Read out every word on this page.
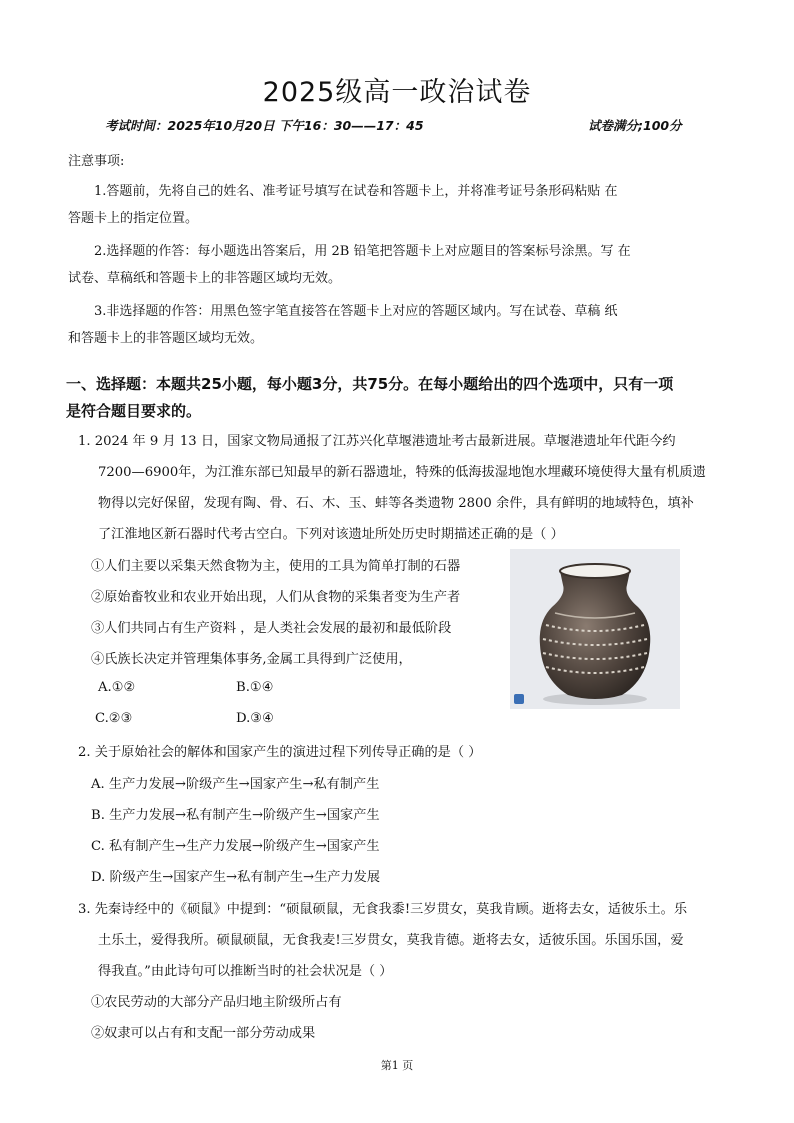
2025级高一政治试卷
考试时间：2025年10月20日 下午16：30——17：45	试卷满分;100分
注意事项:
1.答题前，先将自己的姓名、准考证号填写在试卷和答题卡上，并将准考证号条形码粘贴 在
答题卡上的指定位置。
2.选择题的作答：每小题选出答案后，用 2B 铅笔把答题卡上对应题目的答案标号涂黑。写 在
试卷、草稿纸和答题卡上的非答题区域均无效。
3.非选择题的作答：用黑色签字笔直接答在答题卡上对应的答题区域内。写在试卷、草稿 纸
和答题卡上的非答题区域均无效。
一、选择题：本题共25小题，每小题3分，共75分。在每小题给出的四个选项中，只有一项
是符合题目要求的。
1. 2024 年 9 月 13 日，国家文物局通报了江苏兴化草堰港遗址考古最新进展。草堰港遗址年代距今约
7200—6900年，为江淮东部已知最早的新石器遗址，特殊的低海拔湿地饱水埋藏环境使得大量有机质遗
物得以完好保留，发现有陶、骨、石、木、玉、蚌等各类遗物 2800 余件，具有鲜明的地域特色，填补
了江淮地区新石器时代考古空白。下列对该遗址所处历史时期描述正确的是（ ）
①人们主要以采集天然食物为主，使用的工具为简单打制的石器
②原始畜牧业和农业开始出现，人们从食物的采集者变为生产者
③人们共同占有生产资料 ，是人类社会发展的最初和最低阶段
④氏族长决定并管理集体事务,金属工具得到广泛使用，
A.①②	B.①④
C.②③	D.③④
2. 关于原始社会的解体和国家产生的演进过程下列传导正确的是（ ）
A. 生产力发展→阶级产生→国家产生→私有制产生
B. 生产力发展→私有制产生→阶级产生→国家产生
C. 私有制产生→生产力发展→阶级产生→国家产生
D. 阶级产生→国家产生→私有制产生→生产力发展
3. 先秦诗经中的《硕鼠》中提到：“硕鼠硕鼠，无食我黍!三岁贯女，莫我肯顾。逝将去女，适彼乐土。乐
土乐土，爱得我所。硕鼠硕鼠，无食我麦!三岁贯女，莫我肯德。逝将去女，适彼乐国。乐国乐国，爱
得我直。”由此诗句可以推断当时的社会状况是（ ）
①农民劳动的大部分产品归地主阶级所占有
②奴隶可以占有和支配一部分劳动成果
第1 页
